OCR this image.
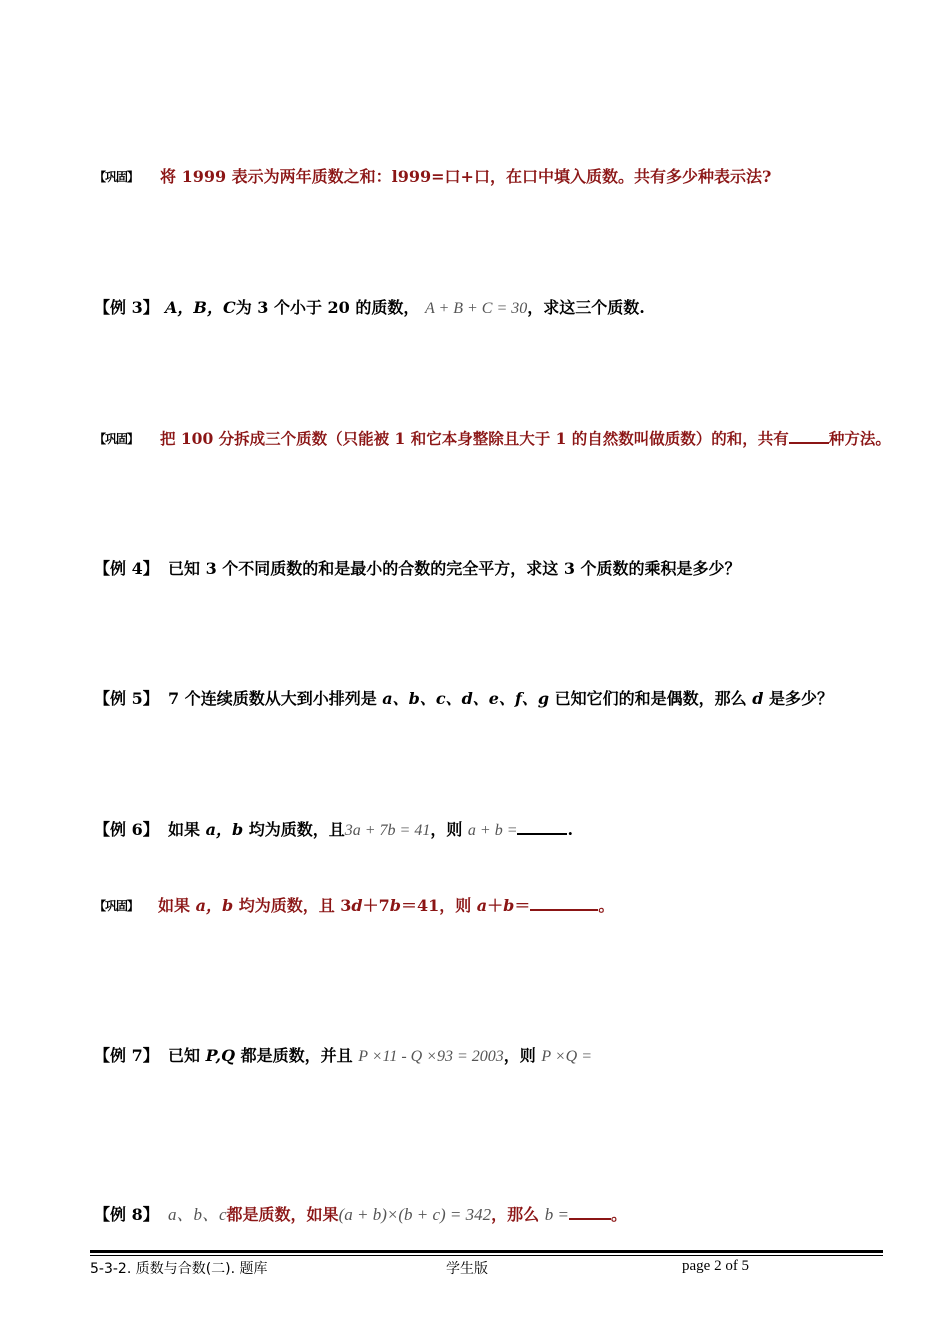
【巩固】 将 1999 表示为两年质数之和：l999=口+口，在口中填入质数。共有多少种表示法?
【例 3】 A，B，C为 3 个小于 20 的质数， A + B + C = 30，求这三个质数.
【巩固】 把 100 分拆成三个质数（只能被 1 和它本身整除且大于 1 的自然数叫做质数）的和，共有	种方法。
【例 4】 已知 3 个不同质数的和是最小的合数的完全平方，求这 3 个质数的乘积是多少？
【例 5】 7 个连续质数从大到小排列是 a、b、c、d、e、f、g 已知它们的和是偶数，那么 d 是多少？
【例 6】 如果 a，b 均为质数，且3a + 7b = 41，则 a + b =	.
【巩固】 如果 a，b 均为质数，且 3d＋7b＝41，则 a＋b＝	。
【例 7】 已知 P,Q 都是质数，并且 P ×11 - Q ×93 = 2003，则 P ×Q =
【例 8】 a、b、c都是质数，如果(a + b)×(b + c) = 342，那么 b =	。
5-3-2. 质数与合数(二). 题库	学生版	page 2 of 5
